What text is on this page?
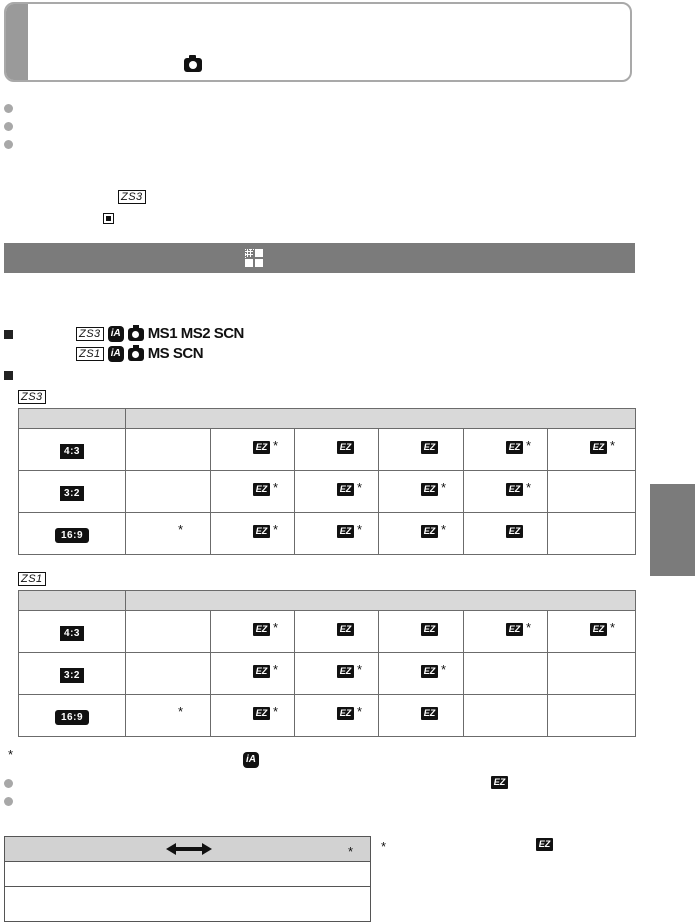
ZS3
ZS3	iA MS1 MS2 SCN
ZS1	iA MS SCN
ZS3

4:3		EZ *	EZ	EZ	EZ *	EZ *

3:2		EZ *	EZ *	EZ *	EZ *	

16:9	*	EZ *	EZ *	EZ *	EZ	

ZS1

4:3		EZ *	EZ	EZ	EZ *	EZ *

3:2		EZ *	EZ *	EZ *		

16:9	*	EZ *	EZ *	EZ		

*	iA
EZ
* *	EZ
